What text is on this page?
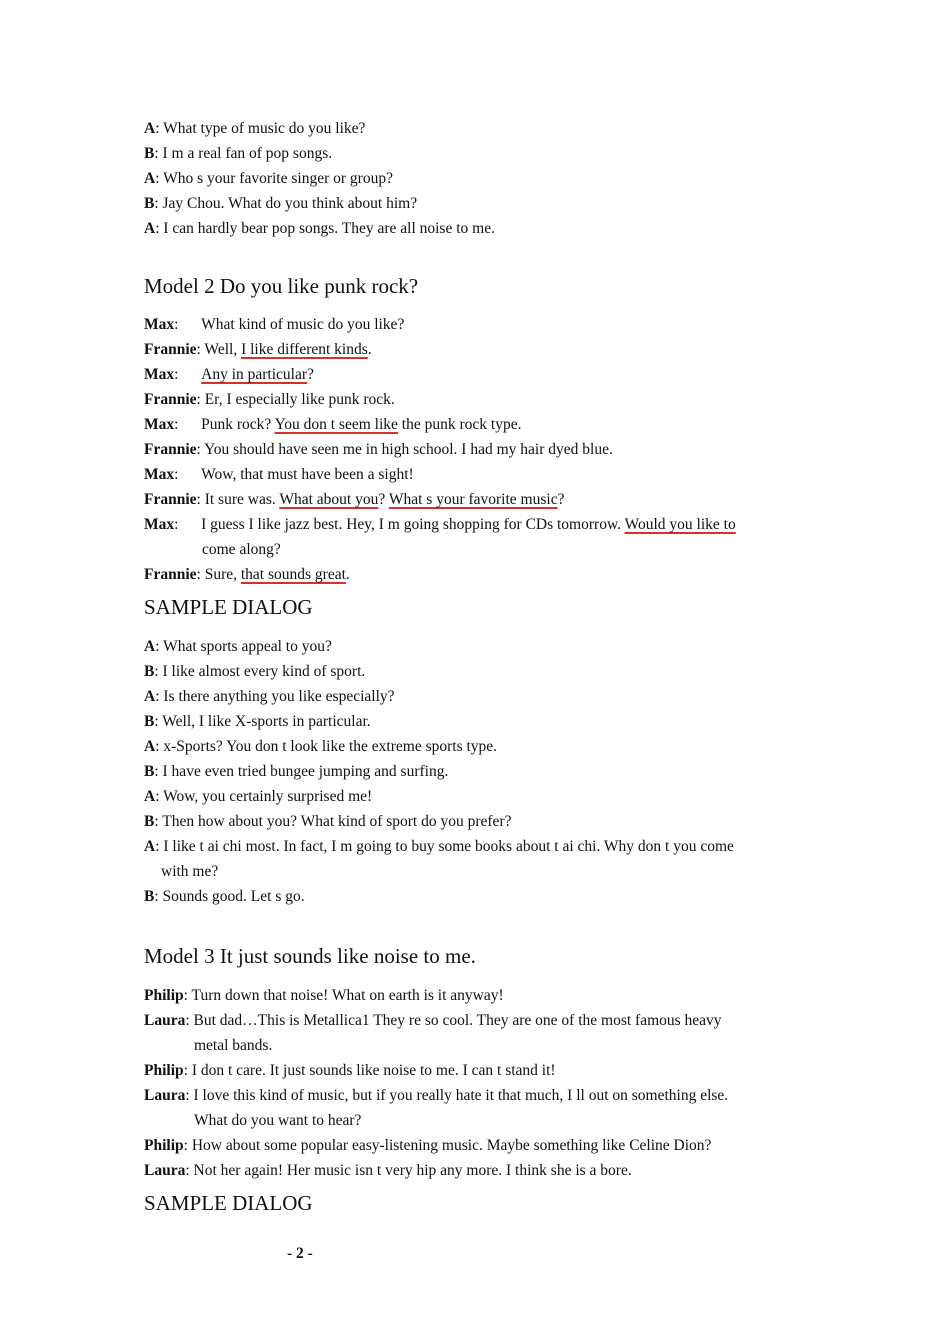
A: What type of music do you like?
B: I m a real fan of pop songs.
A: Who s your favorite singer or group?
B: Jay Chou. What do you think about him?
A: I can hardly bear pop songs. They are all noise to me.
Model 2 Do you like punk rock?
Max: What kind of music do you like?
Frannie: Well, I like different kinds.
Max: Any in particular?
Frannie: Er, I especially like punk rock.
Max: Punk rock? You don t seem like the punk rock type.
Frannie: You should have seen me in high school. I had my hair dyed blue.
Max: Wow, that must have been a sight!
Frannie: It sure was. What about you? What s your favorite music?
Max: I guess I like jazz best. Hey, I m going shopping for CDs tomorrow. Would you like to
come along?
Frannie: Sure, that sounds great.
SAMPLE DIALOG
A: What sports appeal to you?
B: I like almost every kind of sport.
A: Is there anything you like especially?
B: Well, I like X-sports in particular.
A: x-Sports? You don t look like the extreme sports type.
B: I have even tried bungee jumping and surfing.
A: Wow, you certainly surprised me!
B: Then how about you? What kind of sport do you prefer?
A: I like t ai chi most. In fact, I m going to buy some books about t ai chi. Why don t you come
with me?
B: Sounds good. Let s go.
Model 3 It just sounds like noise to me.
Philip: Turn down that noise! What on earth is it anyway!
Laura: But dad…This is Metallica1 They re so cool. They are one of the most famous heavy
metal bands.
Philip: I don t care. It just sounds like noise to me. I can t stand it!
Laura: I love this kind of music, but if you really hate it that much, I ll out on something else.
What do you want to hear?
Philip: How about some popular easy-listening music. Maybe something like Celine Dion?
Laura: Not her again! Her music isn t very hip any more. I think she is a bore.
SAMPLE DIALOG
- 2 -
